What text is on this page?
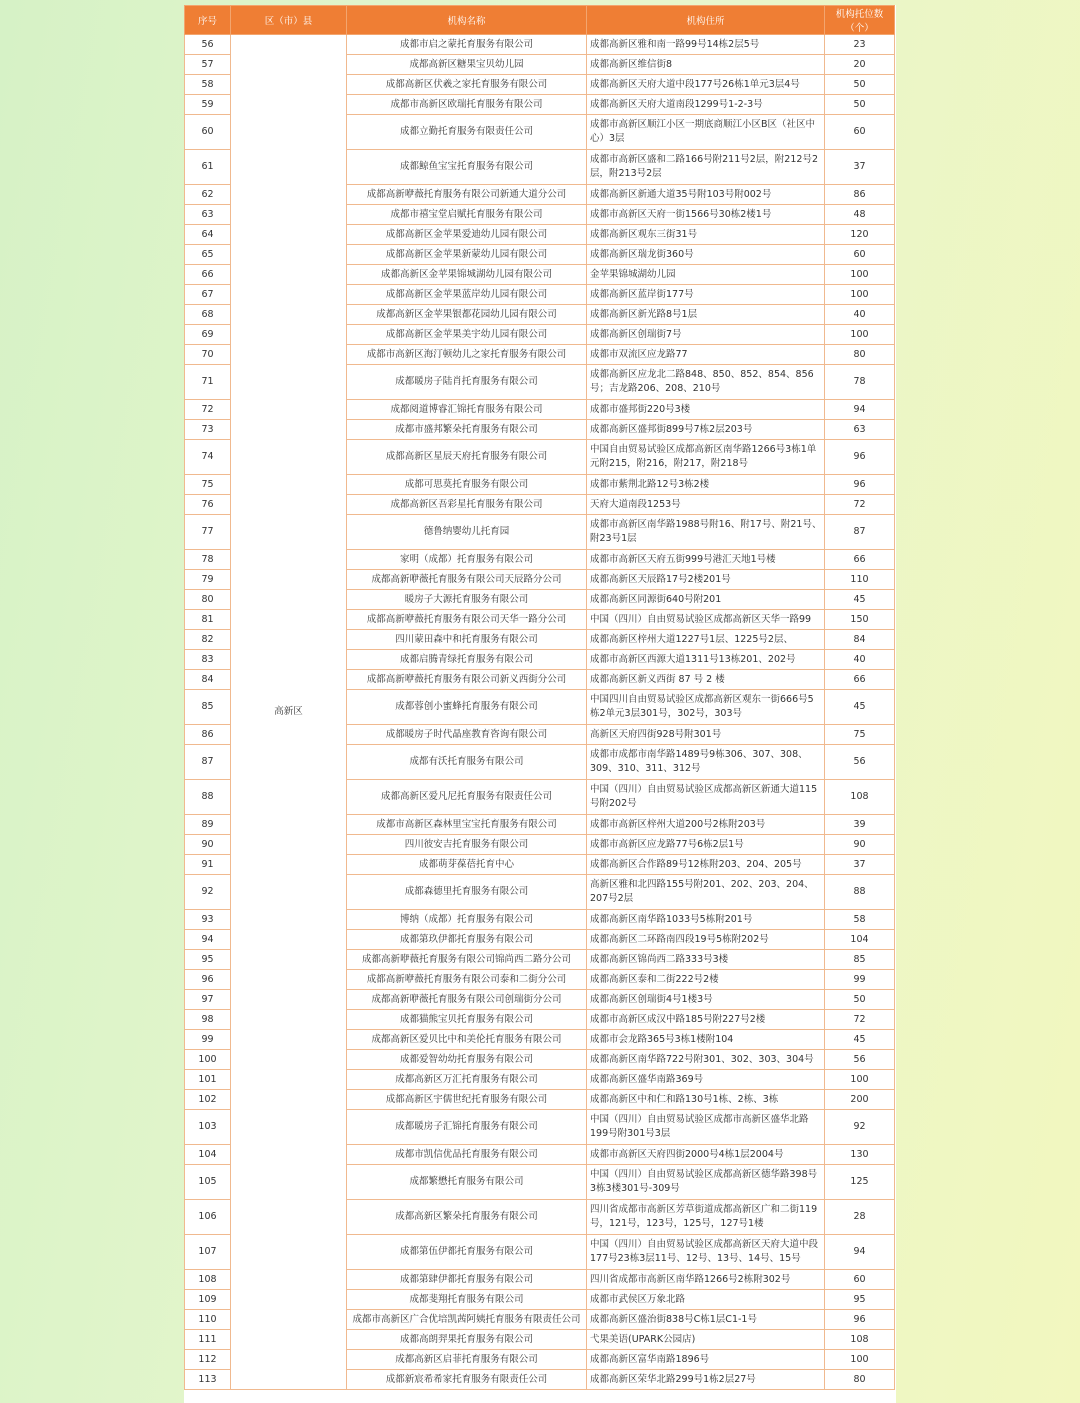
序号	区（市）县	机构名称	机构住所	机构托位数（个）
56	高新区	成都市启之蒙托育服务有限公司	成都高新区雅和南一路99号14栋2层5号	23
57		成都高新区糖果宝贝幼儿园	成都高新区维信街8	20
58		成都高新区伏羲之家托育服务有限公司	成都高新区天府大道中段177号26栋1单元3层4号	50
59		成都市高新区欧瑞托育服务有限公司	成都高新区天府大道南段1299号1-2-3号	50
60		成都立勤托育服务有限责任公司	成都市高新区顺江小区一期底商顺江小区B区（社区中心）3层	60
61		成都鲸鱼宝宝托育服务有限公司	成都市高新区盛和二路166号附211号2层，附212号2层，附213号2层	37
62		成都高新咿薇托育服务有限公司新通大道分公司	成都高新区新通大道35号附103号附002号	86
63		成都市禧宝堂启赋托育服务有限公司	成都市高新区天府一街1566号30栋2楼1号	48
64		成都高新区金苹果爱迪幼儿园有限公司	成都高新区观东三街31号	120
65		成都高新区金苹果新蒙幼儿园有限公司	成都高新区瑞龙街360号	60
66		成都高新区金苹果锦城湖幼儿园有限公司	金苹果锦城湖幼儿园	100
67		成都高新区金苹果蓝岸幼儿园有限公司	成都高新区蓝岸街177号	100
68		成都高新区金苹果银都花园幼儿园有限公司	成都高新区新光路8号1层	40
69		成都高新区金苹果美宇幼儿园有限公司	成都高新区创瑞街7号	100
70		成都市高新区海汀顿幼儿之家托育服务有限公司	成都市双流区应龙路77	80
71		成都暖房子陆肖托育服务有限公司	成都高新区应龙北二路848、850、852、854、856号；吉龙路206、208、210号	78
72		成都阅道博睿汇锦托育服务有限公司	成都市盛邦街220号3楼	94
73		成都市盛邦繁朵托育服务有限公司	成都高新区盛邦街899号7栋2层203号	63
74		成都高新区星辰天府托育服务有限公司	中国自由贸易试验区成都高新区南华路1266号3栋1单元附215，附216，附217，附218号	96
75		成都可思莫托育服务有限公司	成都市紫荆北路12号3栋2楼	96
76		成都高新区吾彩星托育服务有限公司	天府大道南段1253号	72
77		德鲁纳婴幼儿托育园	成都市高新区南华路1988号附16、附17号、附21号、附23号1层	87
78		家明（成都）托育服务有限公司	成都市高新区天府五街999号港汇天地1号楼	66
79		成都高新咿薇托育服务有限公司天辰路分公司	成都高新区天辰路17号2楼201号	110
80		暖房子大源托育服务有限公司	成都高新区同源街640号附201	45
81		成都高新咿薇托育服务有限公司天华一路分公司	中国（四川）自由贸易试验区成都高新区天华一路99	150
82		四川蒙田森中和托育服务有限公司	成都高新区梓州大道1227号1层、1225号2层、	84
83		成都启腾青绿托育服务有限公司	成都市高新区西源大道1311号13栋201、202号	40
84		成都高新咿薇托育服务有限公司新义西街分公司	成都高新区新义西街 87 号 2 楼	66
85		成都蓉创小蜜蜂托育服务有限公司	中国四川自由贸易试验区成都高新区观东一街666号5栋2单元3层301号，302号，303号	45
86		成都暖房子时代晶座教育咨询有限公司	高新区天府四街928号附301号	75
87		成都有沃托育服务有限公司	成都市成都市南华路1489号9栋306、307、308、309、310、311、312号	56
88		成都高新区爱凡尼托育服务有限责任公司	中国（四川）自由贸易试验区成都高新区新通大道115号附202号	108
89		成都市高新区森林里宝宝托育服务有限公司	成都市高新区梓州大道200号2栋附203号	39
90		四川彼安吉托育服务有限公司	成都市高新区应龙路77号6栋2层1号	90
91		成都萌芽葆蓓托育中心	成都高新区合作路89号12栋附203、204、205号	37
92		成都森德里托育服务有限公司	高新区雅和北四路155号附201、202、203、204、207号2层	88
93		博纳（成都）托育服务有限公司	成都高新区南华路1033号5栋附201号	58
94		成都第玖伊都托育服务有限公司	成都高新区二环路南四段19号5栋附202号	104
95		成都高新咿薇托育服务有限公司锦尚西二路分公司	成都高新区锦尚西二路333号3楼	85
96		成都高新咿薇托育服务有限公司泰和二街分公司	成都高新区泰和二街222号2楼	99
97		成都高新咿薇托育服务有限公司创瑞街分公司	成都高新区创瑞街4号1楼3号	50
98		成都猫熊宝贝托育服务有限公司	成都市高新区成汉中路185号附227号2楼	72
99		成都高新区爱贝比中和美伦托育服务有限公司	成都市会龙路365号3栋1楼附104	45
100		成都爱智幼幼托育服务有限公司	成都高新区南华路722号附301、302、303、304号	56
101		成都高新区万汇托育服务有限公司	成都高新区盛华南路369号	100
102		成都高新区宇儒世纪托育服务有限公司	成都高新区中和仁和路130号1栋、2栋、3栋	200
103		成都暖房子汇锦托育服务有限公司	中国（四川）自由贸易试验区成都市高新区盛华北路199号附301号3层	92
104		成都市凯信优品托育服务有限公司	成都市高新区天府四街2000号4栋1层2004号	130
105		成都繁懋托育服务有限公司	中国（四川）自由贸易试验区成都高新区德华路398号3栋3楼301号-309号	125
106		成都高新区繁朵托育服务有限公司	四川省成都市高新区芳草街道成都高新区广和二街119号，121号，123号，125号，127号1楼	28
107		成都第伍伊都托育服务有限公司	中国（四川）自由贸易试验区成都高新区天府大道中段177号23栋3层11号、12号、13号、14号、15号	94
108		成都第肆伊都托育服务有限公司	四川省成都市高新区南华路1266号2栋附302号	60
109		成都斐翔托育服务有限公司	成都市武侯区万象北路	95
110		成都市高新区广合优培凯茜阿姨托育服务有限责任公司	成都高新区盛治街838号C栋1层C1-1号	96
111		成都高朗羿果托育服务有限公司	弋果美语(UPARK公园店)	108
112		成都高新区启菲托育服务有限公司	成都高新区富华南路1896号	100
113		成都新宸希希家托育服务有限责任公司	成都高新区荣华北路299号1栋2层27号	80
